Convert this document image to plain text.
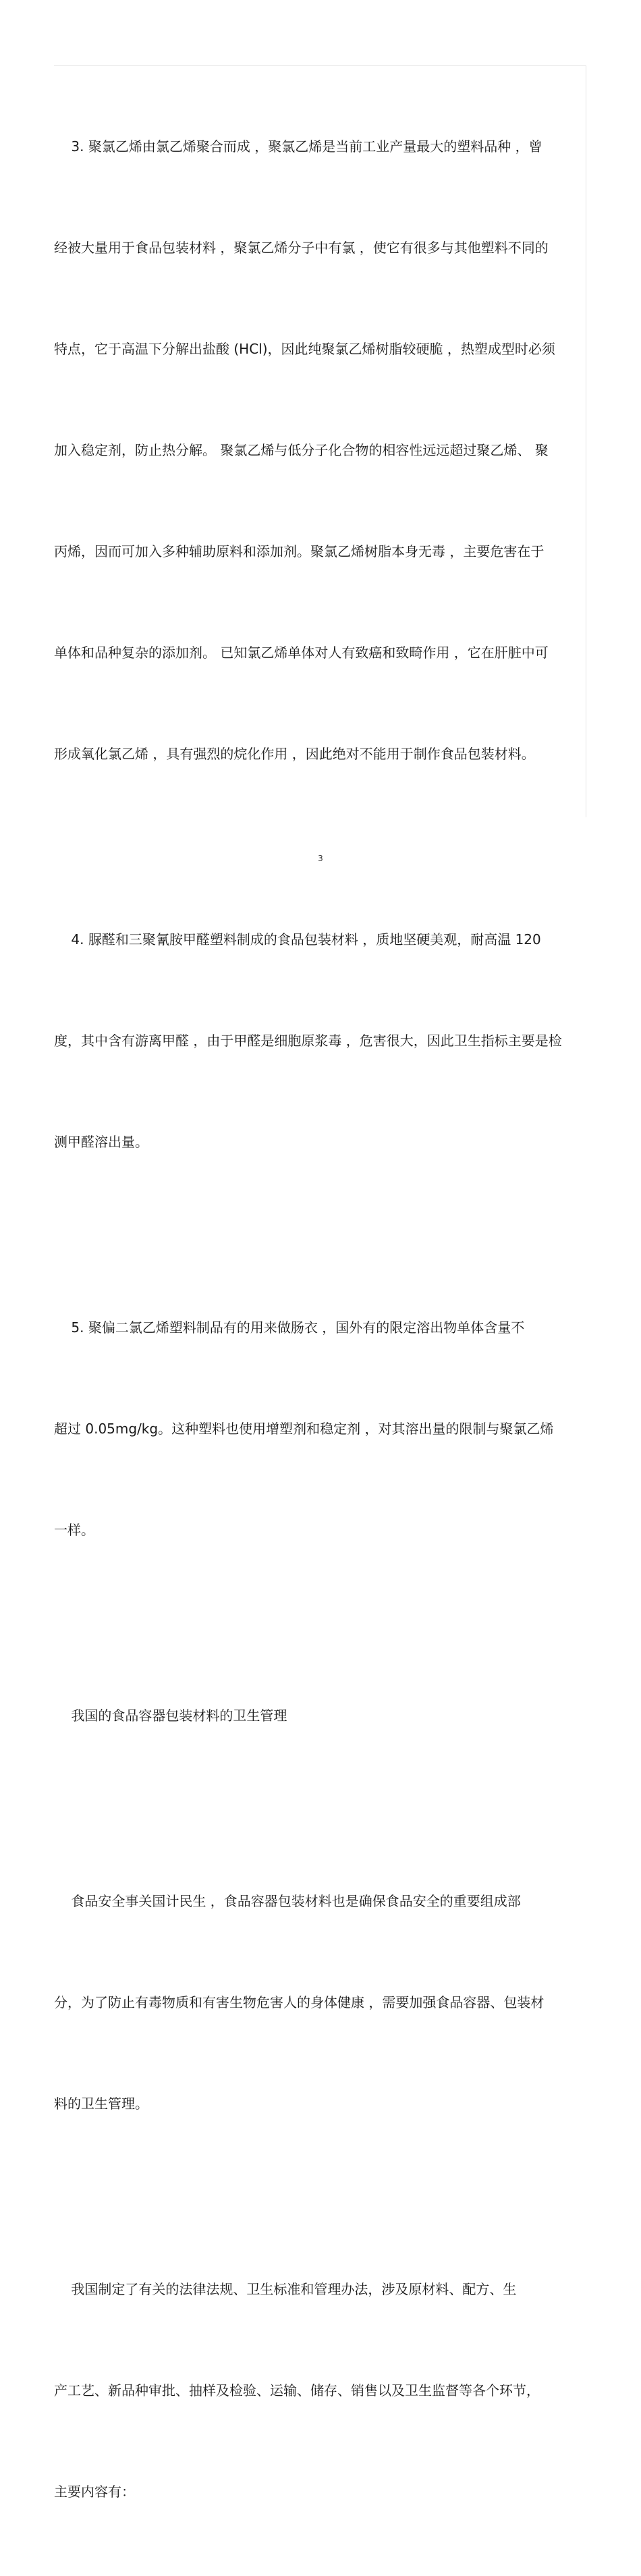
3. 聚氯乙烯由氯乙烯聚合而成 ，聚氯乙烯是当前工业产量最大的塑料品种 ，曾

经被大量用于食品包装材料 ，聚氯乙烯分子中有氯 ，使它有很多与其他塑料不同的

特点，它于高温下分解出盐酸 (HCl)，因此纯聚氯乙烯树脂较硬脆 ，热塑成型时必须

加入稳定剂，防止热分解。 聚氯乙烯与低分子化合物的相容性远远超过聚乙烯、 聚

丙烯，因而可加入多种辅助原料和添加剂。聚氯乙烯树脂本身无毒 ，主要危害在于

单体和品种复杂的添加剂。 已知氯乙烯单体对人有致癌和致畸作用 ，它在肝脏中可

形成氧化氯乙烯 ，具有强烈的烷化作用 ，因此绝对不能用于制作食品包装材料。

4. 脲醛和三聚氰胺甲醛塑料制成的食品包装材料 ，质地坚硬美观，耐高温 120

度，其中含有游离甲醛 ，由于甲醛是细胞原浆毒 ，危害很大，因此卫生指标主要是检

测甲醛溶出量。

5. 聚偏二氯乙烯塑料制品有的用来做肠衣 ，国外有的限定溶出物单体含量不

超过 0.05mg/kg。这种塑料也使用增塑剂和稳定剂 ，对其溶出量的限制与聚氯乙烯

一样。

我国的食品容器包装材料的卫生管理

食品安全事关国计民生 ，食品容器包装材料也是确保食品安全的重要组成部

分，为了防止有毒物质和有害生物危害人的身体健康 ，需要加强食品容器、包装材

料的卫生管理。

我国制定了有关的法律法规、卫生标准和管理办法，涉及原材料、配方、生

产工艺、新品种审批、抽样及检验、运输、储存、销售以及卫生监督等各个环节，

主要内容有：

3
